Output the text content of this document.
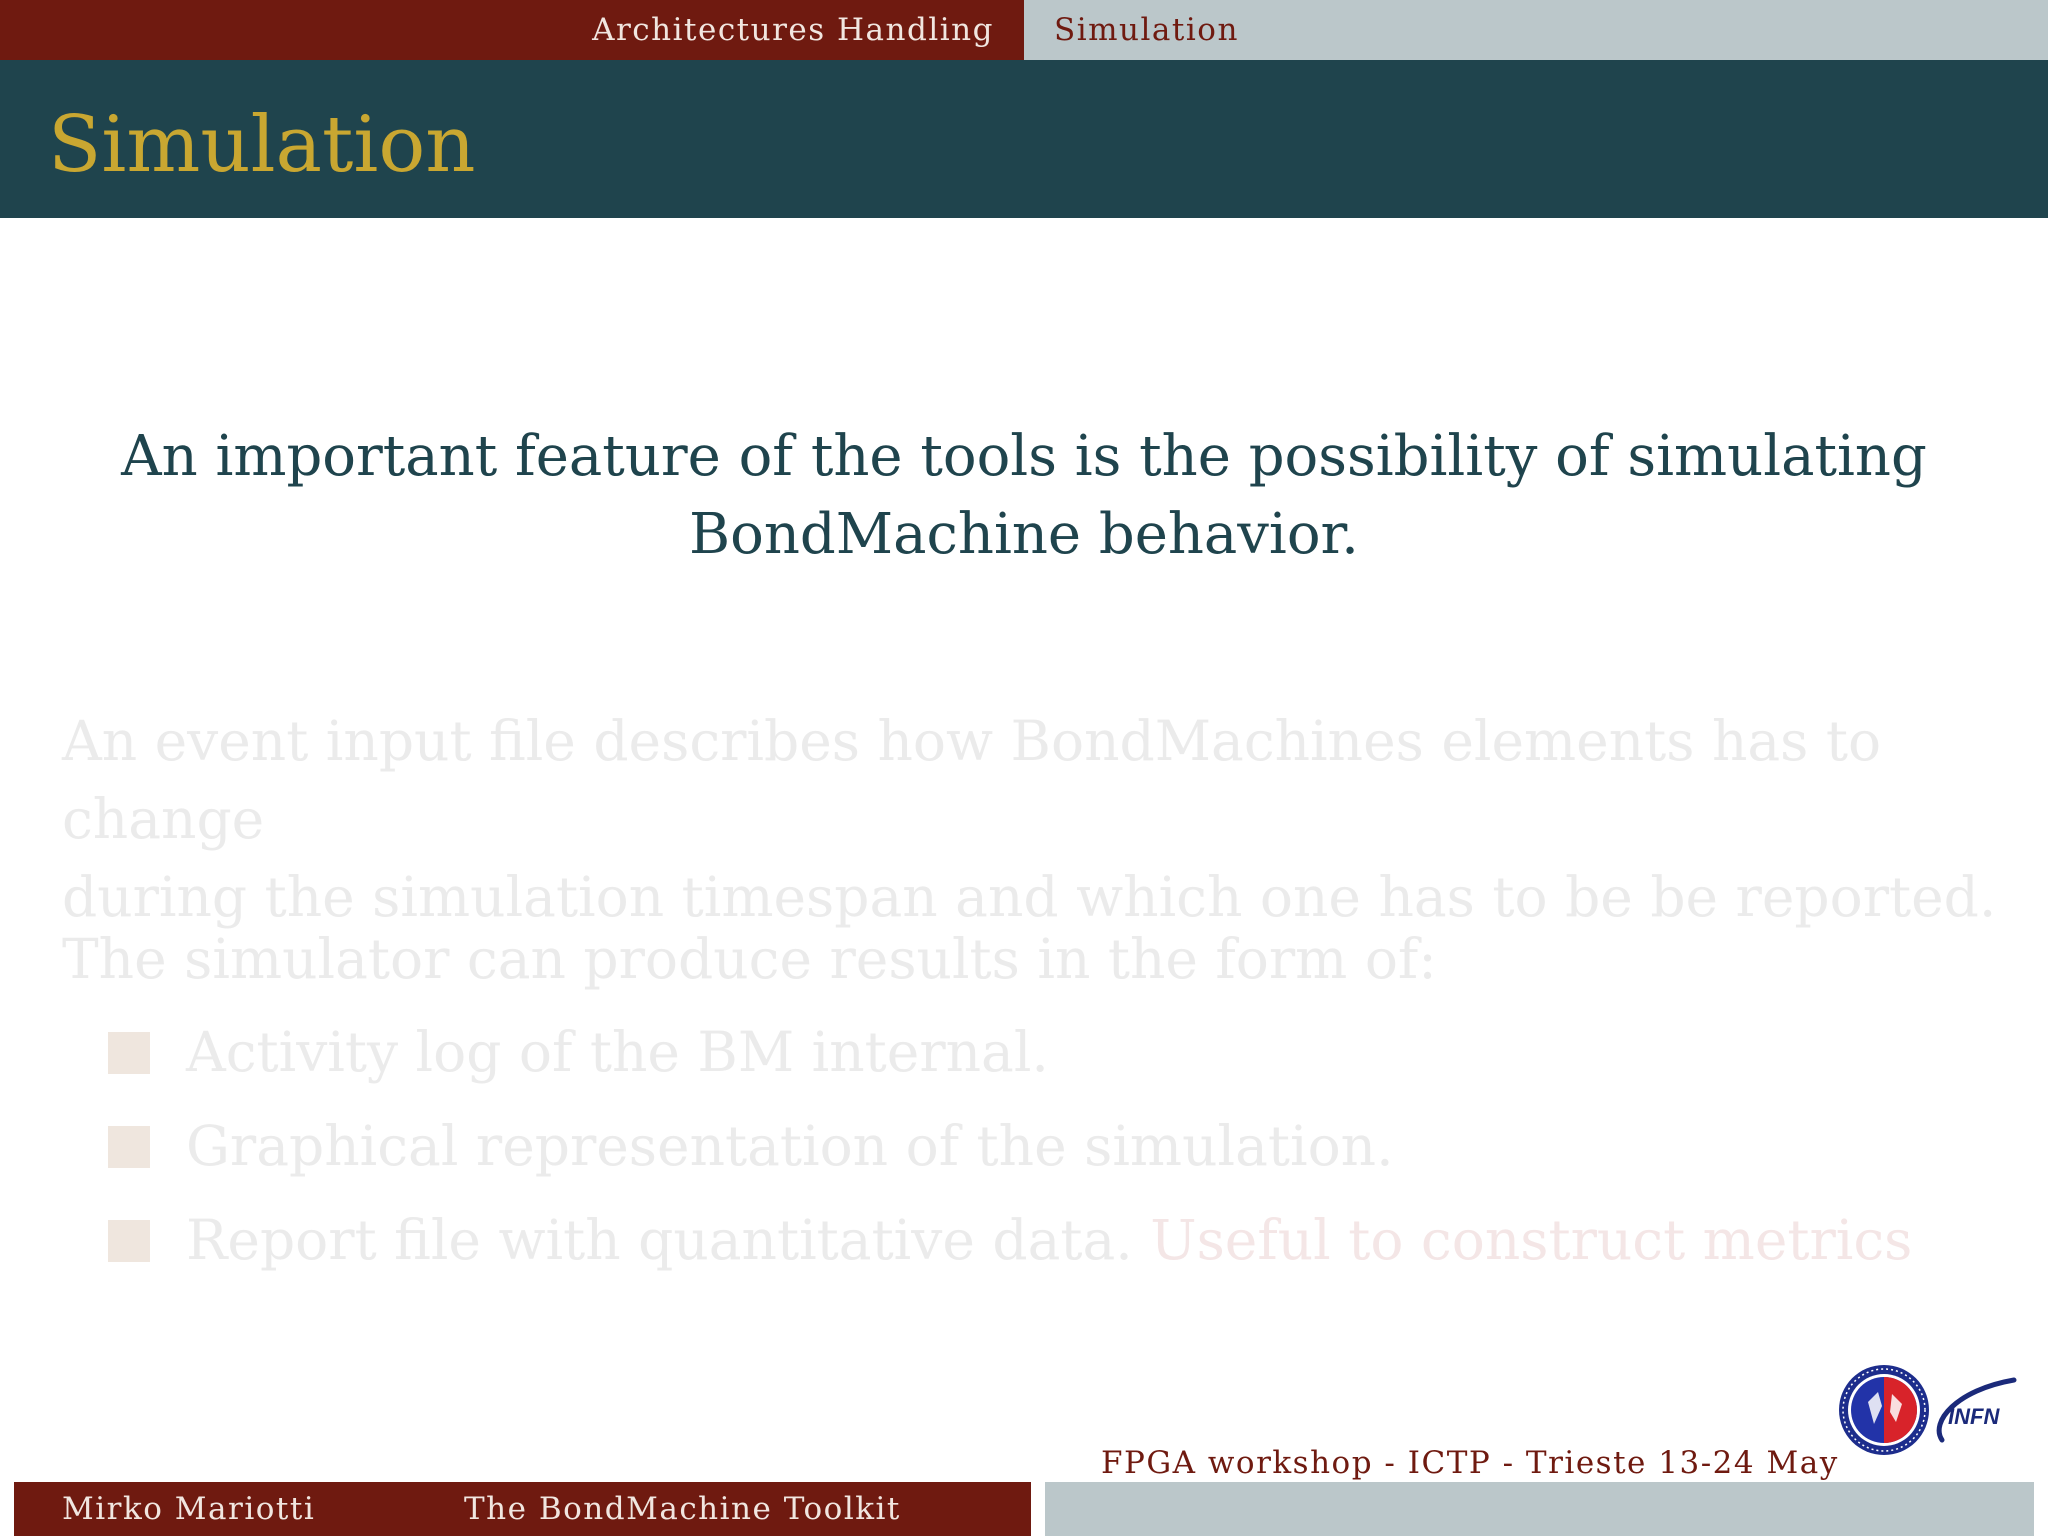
Architectures Handling Simulation
Simulation
An important feature of the tools is the possibility of simulating
BondMachine behavior.
An event input file describes how BondMachines elements has to change
during the simulation timespan and which one has to be be reported.
The simulator can produce results in the form of:
Activity log of the BM internal.
Graphical representation of the simulation.
Report file with quantitative data. Useful to construct metrics
INFN
FPGA workshop - ICTP - Trieste 13-24 May
Mirko Mariotti	The BondMachine Toolkit
